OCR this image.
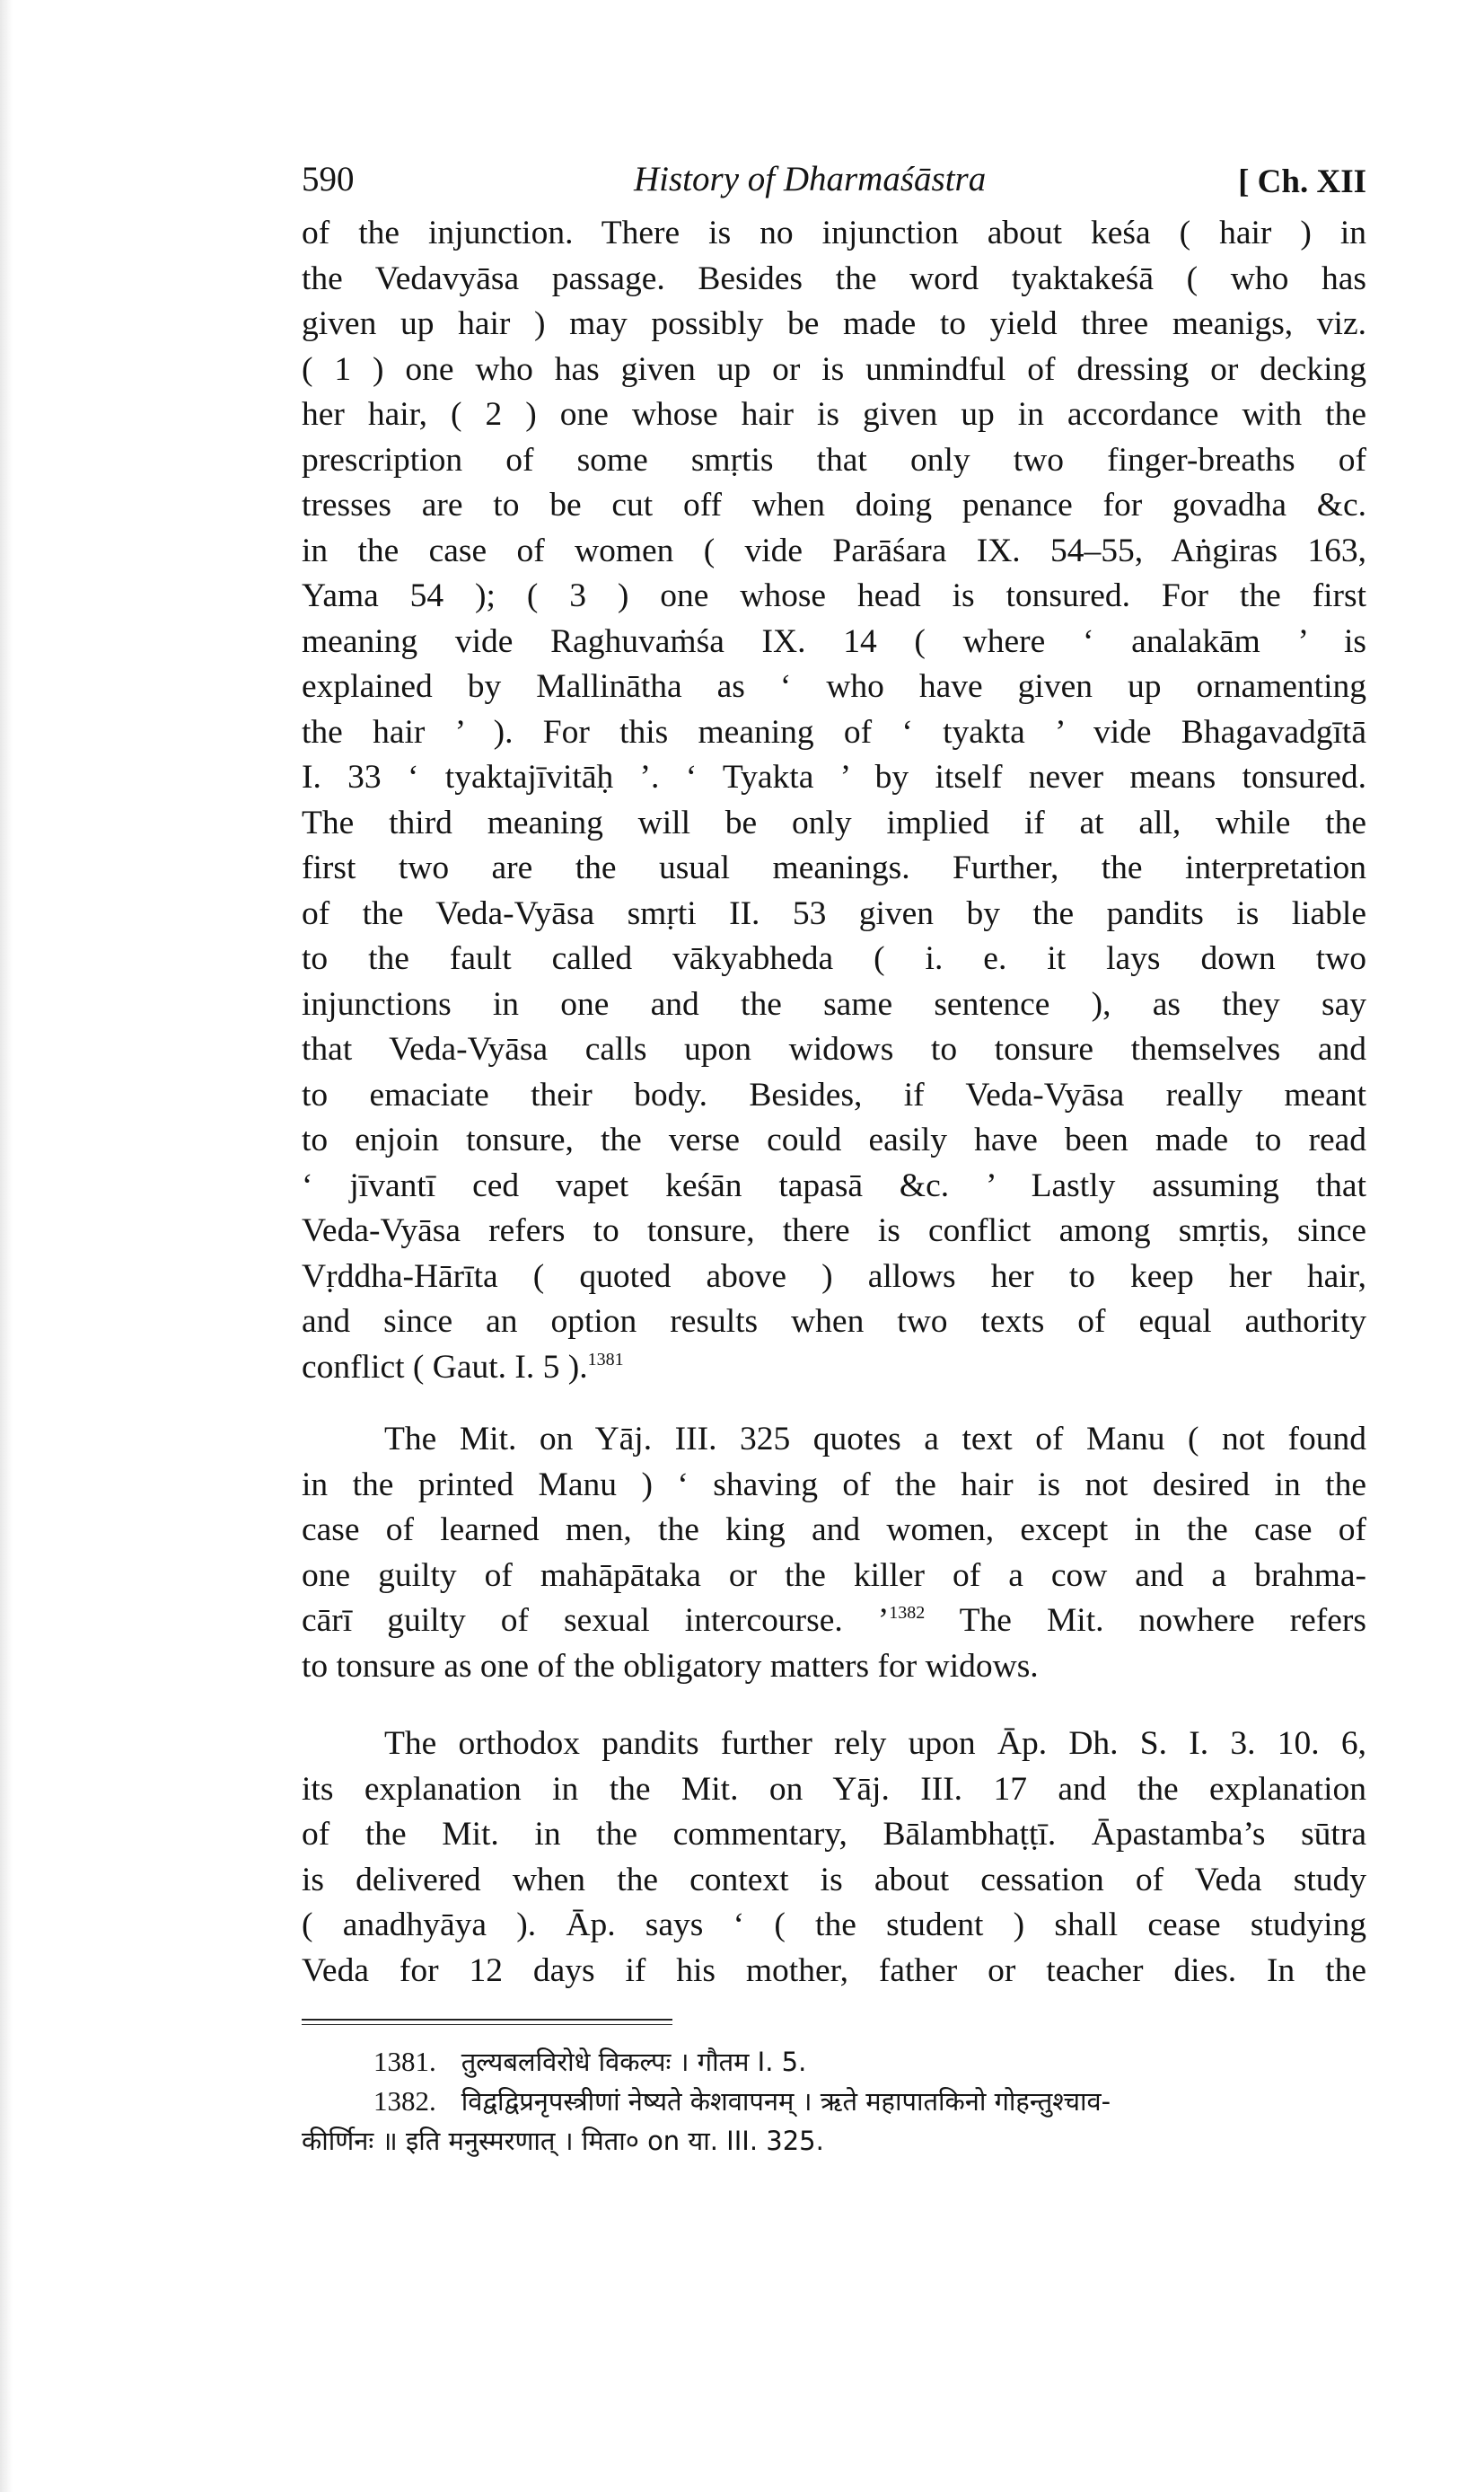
590	History of Dharmaśāstra	[ Ch. XII
of the injunction. There is no injunction about keśa ( hair ) in
the Vedavyāsa passage. Besides the word tyaktakeśā ( who has
given up hair ) may possibly be made to yield three meanigs, viz.
( 1 ) one who has given up or is unmindful of dressing or decking
her hair, ( 2 ) one whose hair is given up in accordance with the
prescription of some smṛtis that only two finger-breaths of
tresses are to be cut off when doing penance for govadha &c.
in the case of women ( vide Parāśara IX. 54–55, Aṅgiras 163,
Yama 54 ); ( 3 ) one whose head is tonsured. For the first
meaning vide Raghuvaṁśa IX. 14 ( where ‘ analakām ’ is
explained by Mallinātha as ‘ who have given up ornamenting
the hair ’ ). For this meaning of ‘ tyakta ’ vide Bhagavadgītā
I. 33 ‘ tyaktajīvitāḥ ’. ‘ Tyakta ’ by itself never means tonsured.
The third meaning will be only implied if at all, while the
first two are the usual meanings. Further, the interpretation
of the Veda-Vyāsa smṛti II. 53 given by the pandits is liable
to the fault called vākyabheda ( i. e. it lays down two
injunctions in one and the same sentence ), as they say
that Veda-Vyāsa calls upon widows to tonsure themselves and
to emaciate their body. Besides, if Veda-Vyāsa really meant
to enjoin tonsure, the verse could easily have been made to read
‘ jīvantī ced vapet keśān tapasā &c. ’ Lastly assuming that
Veda-Vyāsa refers to tonsure, there is conflict among smṛtis, since
Vṛddha-Hārīta ( quoted above ) allows her to keep her hair,
and since an option results when two texts of equal authority
conflict ( Gaut. I. 5 ).$^{1381}$
The Mit. on Yāj. III. 325 quotes a text of Manu ( not found
in the printed Manu ) ‘ shaving of the hair is not desired in the
case of learned men, the king and women, except in the case of
one guilty of mahāpātaka or the killer of a cow and a brahma-
cārī guilty of sexual intercourse. ’$^{1382}$ The Mit. nowhere refers
to tonsure as one of the obligatory matters for widows.
The orthodox pandits further rely upon Āp. Dh. S. I. 3. 10. 6,
its explanation in the Mit. on Yāj. III. 17 and the explanation
of the Mit. in the commentary, Bālambhaṭṭī. Āpastamba’s sūtra
is delivered when the context is about cessation of Veda study
( anadhyāya ). Āp. says ‘ ( the student ) shall cease studying
Veda for 12 days if his mother, father or teacher dies. In the
1381. तुल्यबलविरोधे विकल्पः । गौतम I. 5.
1382. विद्वद्विप्रनृपस्त्रीणां नेष्यते केशवापनम् । ऋते महापातकिनो गोहन्तुश्चाव-
कीर्णिनः ॥ इति मनुस्मरणात् । मिता० on या. III. 325.
